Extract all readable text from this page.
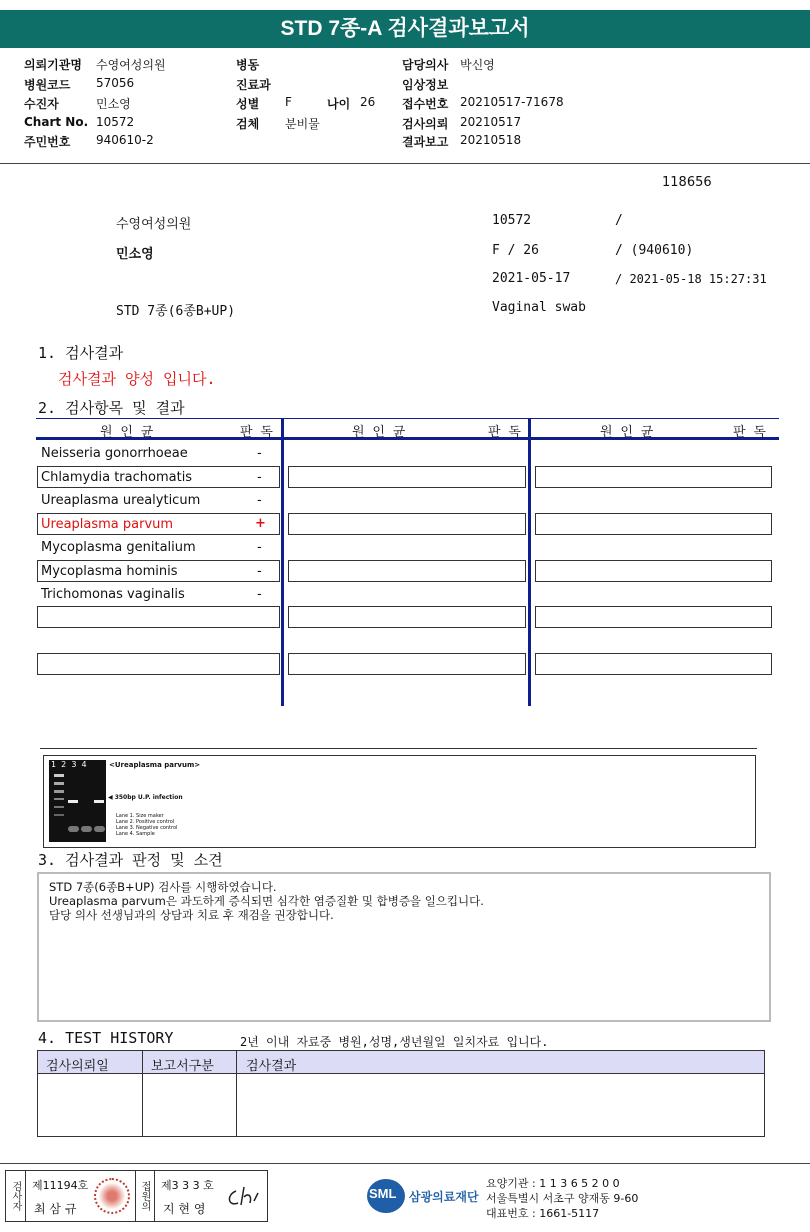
STD 7종-A 검사결과보고서
의뢰기관명 수영여성의원
병원코드 57056
수진자	민소영
Chart No. 10572
주민번호 940610-2
병동
진료과
성별 F	나이 26
검체 분비물
담당의사 박신영
임상정보
접수번호 20210517-71678
검사의뢰 20210517
결과보고 20210518
118656
수영여성의원	10572	/
민소영	F / 26	/ (940610)
2021-05-17	/ 2021-05-18 15:27:31
STD 7종(6종B+UP)	Vaginal swab
1. 검사결과
검사결과 양성 입니다.
2. 검사항목 및 결과
원 인 균	판 독	원 인 균	판 독	원 인 균	판 독
Neisseria gonorrhoeae	-
Chlamydia trachomatis	-
Ureaplasma urealyticum	-
Ureaplasma parvum	+
Mycoplasma genitalium	-
Mycoplasma hominis	-
Trichomonas vaginalis	-
1  2  3  4	<Ureaplasma parvum>
◀ 350bp U.P. infection
Lane 1. Size maker
Lane 2. Positive control
Lane 3. Negative control
Lane 4. Sample
3. 검사결과 판정 및 소견
STD 7종(6종B+UP) 검사를 시행하였습니다.
Ureaplasma parvum은 과도하게 증식되면 심각한 염증질환 및 합병증을 일으킵니다.
담당 의사 선생님과의 상담과 치료 후 재검을 권장합니다.
4. TEST HISTORY	2년 이내 자료중 병원,성명,생년월일 일치자료 입니다.
검사의뢰일	보고서구분 검사결과
검사자	제11194호
최 삼 규	접원의	제3 3 3 호
지 현 영
SML 삼광의료재단
요양기관 : 1 1 3 6 5 2 0 0
서울특별시 서초구 양재동 9-60
대표번호 : 1661-5117
